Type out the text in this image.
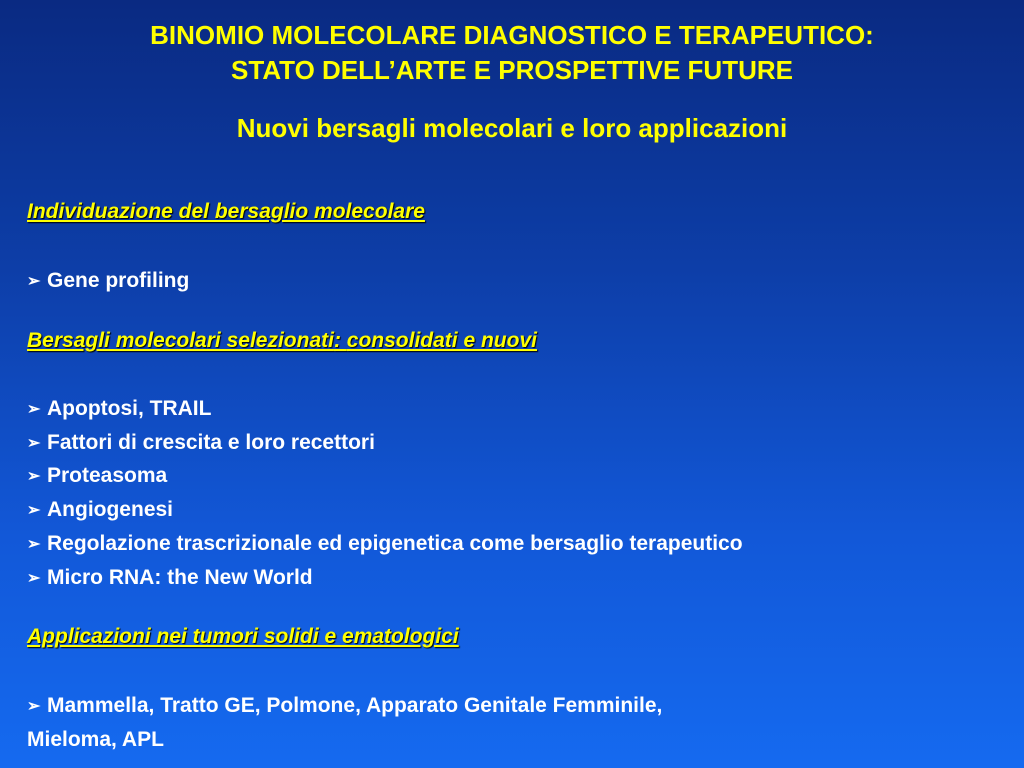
BINOMIO MOLECOLARE DIAGNOSTICO E TERAPEUTICO:
STATO DELL’ARTE E PROSPETTIVE FUTURE
Nuovi bersagli molecolari e loro applicazioni

Individuazione del bersaglio molecolare

➢ Gene profiling

Bersagli molecolari selezionati: consolidati e nuovi

➢ Apoptosi, TRAIL

➢ Fattori di crescita e loro recettori

➢ Proteasoma

➢ Angiogenesi

➢ Regolazione trascrizionale ed epigenetica come bersaglio terapeutico

➢ Micro RNA: the New World

Applicazioni nei tumori solidi e ematologici

➢ Mammella, Tratto GE, Polmone, Apparato Genitale Femminile,

Mieloma, APL
